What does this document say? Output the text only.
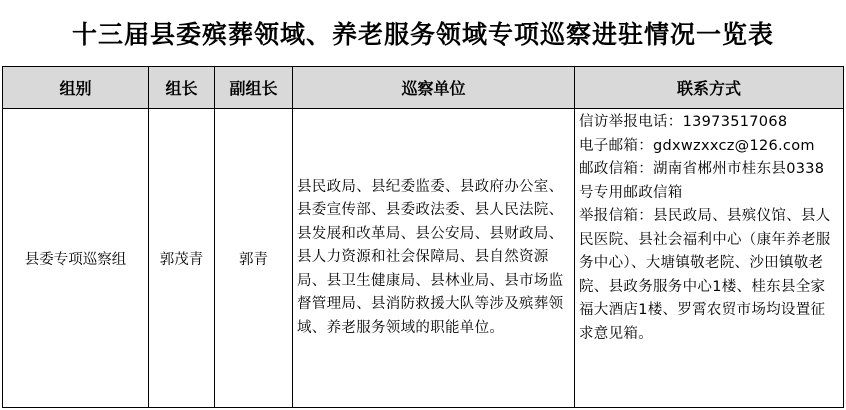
十三届县委殡葬领域、养老服务领域专项巡察进驻情况一览表
组别	组长	副组长	巡察单位	联系方式
县委专项巡察组	郭茂青	郭青	县民政局、县纪委监委、县政府办公室、县委宣传部、县委政法委、县人民法院、县发展和改革局、县公安局、县财政局、县人力资源和社会保障局、县自然资源局、县卫生健康局、县林业局、县市场监督管理局、县消防救援大队等涉及殡葬领域、养老服务领域的职能单位。	信访举报电话：13973517068
电子邮箱：gdxwzxxcz@126.com
邮政信箱：湖南省郴州市桂东县0338号专用邮政信箱
举报信箱：县民政局、县殡仪馆、县人民医院、县社会福利中心（康年养老服务中心）、大塘镇敬老院、沙田镇敬老院、县政务服务中心1楼、桂东县全家福大酒店1楼、罗霄农贸市场均设置征求意见箱。
